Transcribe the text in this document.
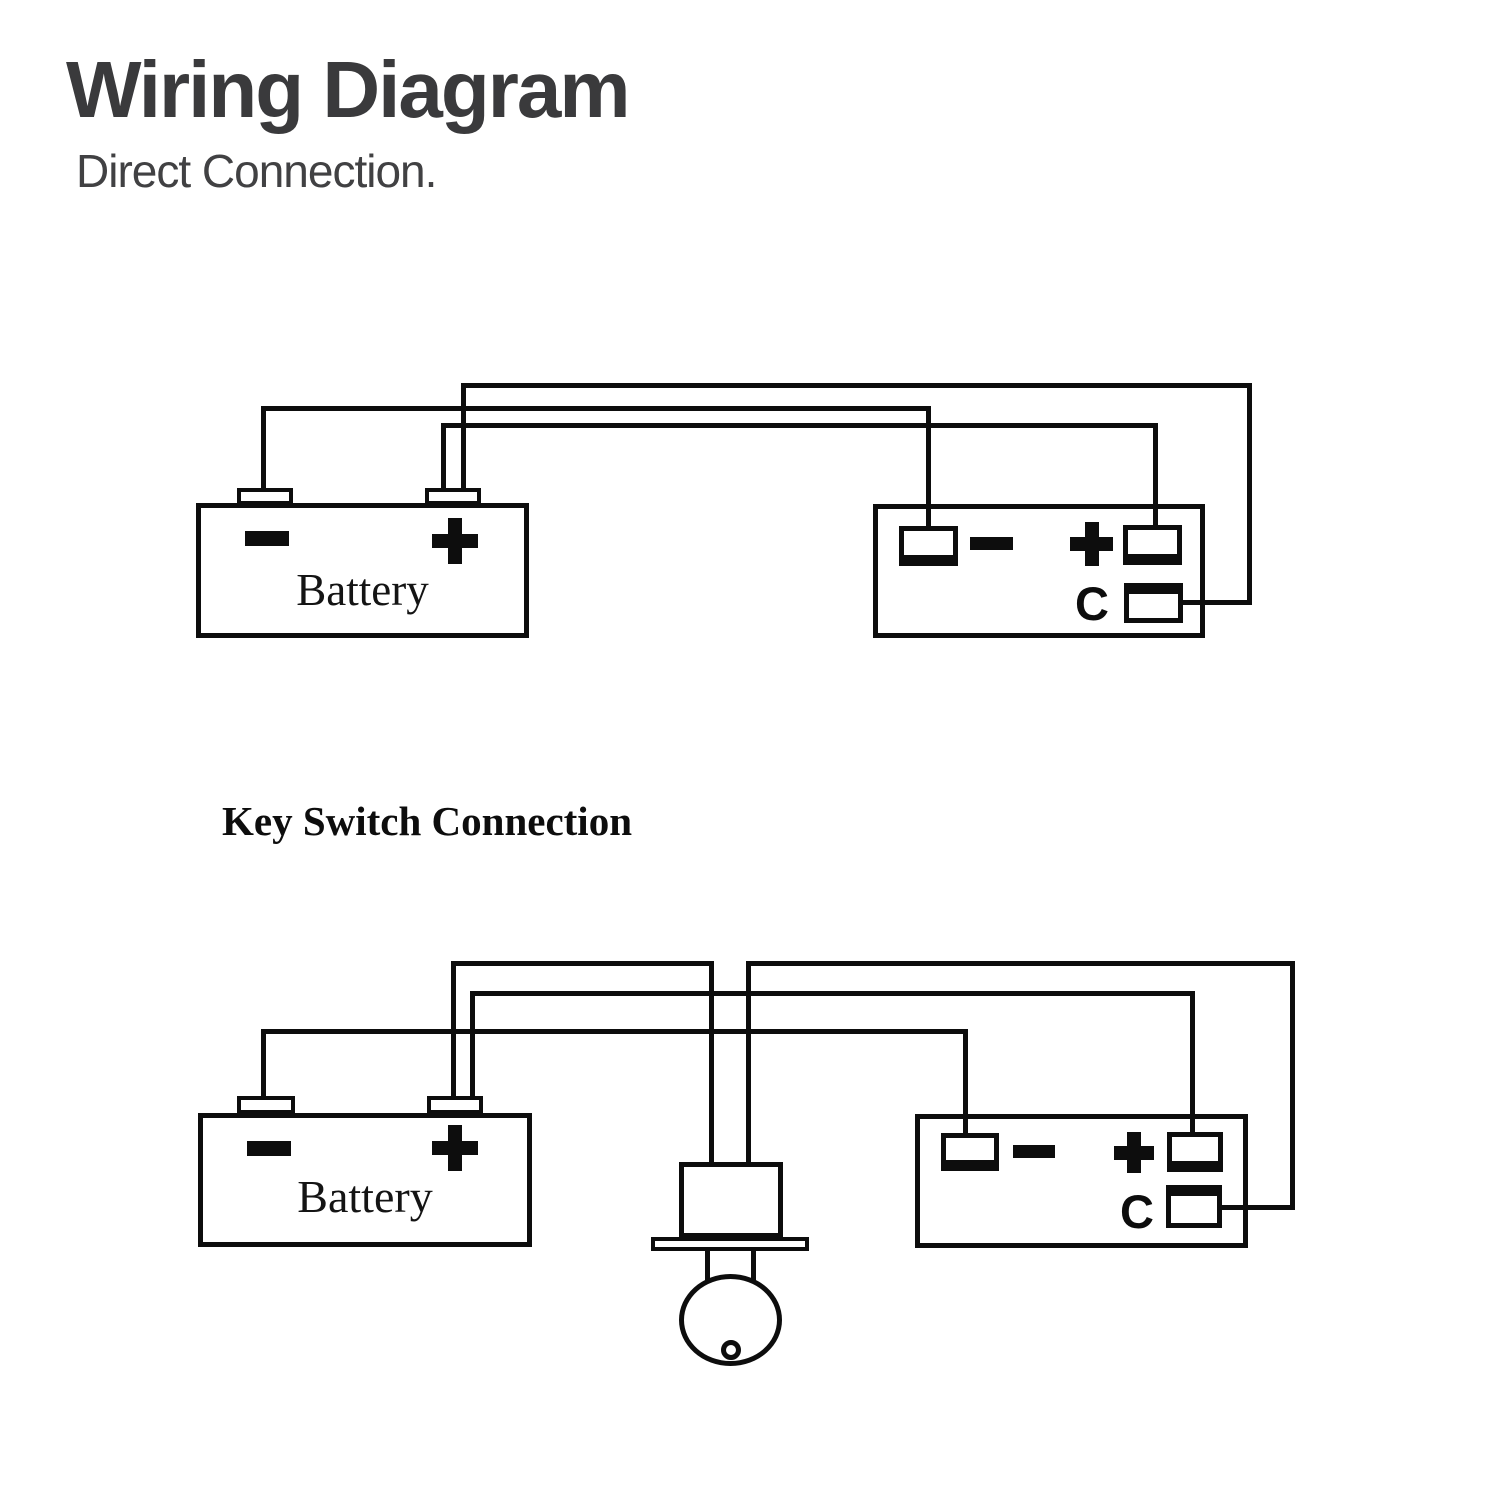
Wiring Diagram
Direct Connection.
Battery	C
Key Switch Connection
Battery	C
